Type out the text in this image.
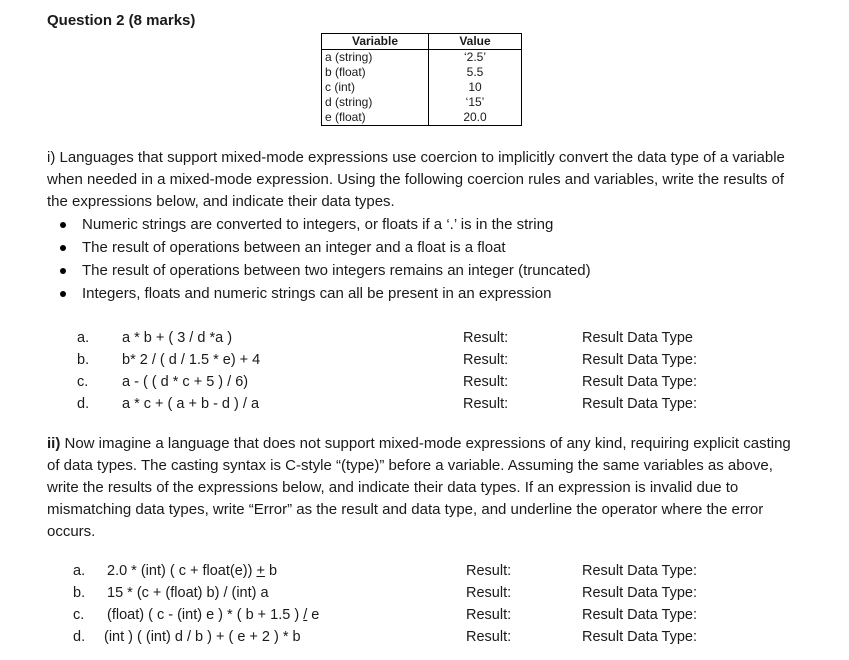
Question 2 (8 marks)
Variable	Value
a (string)	‘2.5’
b (float)	5.5
c (int)	10
d (string)	‘15’
e (float)	20.0
i) Languages that support mixed-mode expressions use coercion to implicitly convert the data type of a variable when needed in a mixed-mode expression. Using the following coercion rules and variables, write the results of the expressions below, and indicate their data types.
Numeric strings are converted to integers, or floats if a ‘.’ is in the string
The result of operations between an integer and a float is a float
The result of operations between two integers remains an integer (truncated)
Integers, floats and numeric strings can all be present in an expression
a. a * b + ( 3 / d *a )	Result:	Result Data Type
b. b* 2 / ( d / 1.5 * e) + 4	Result:	Result Data Type:
c. a - ( ( d * c + 5 ) / 6)	Result:	Result Data Type:
d. a * c + ( a + b - d ) / a	Result:	Result Data Type:
ii) Now imagine a language that does not support mixed-mode expressions of any kind, requiring explicit casting of data types. The casting syntax is C-style “(type)” before a variable. Assuming the same variables as above, write the results of the expressions below, and indicate their data types. If an expression is invalid due to mismatching data types, write “Error” as the result and data type, and underline the operator where the error occurs.
a. 2.0 * (int) ( c + float(e)) + b	Result:	Result Data Type:
b. 15 * (c + (float) b) / (int) a	Result:	Result Data Type:
c. (float) ( c - (int) e ) * ( b + 1.5 ) / e	Result:	Result Data Type:
d. (int ) ( (int) d / b ) + ( e + 2 ) * b	Result:	Result Data Type:
